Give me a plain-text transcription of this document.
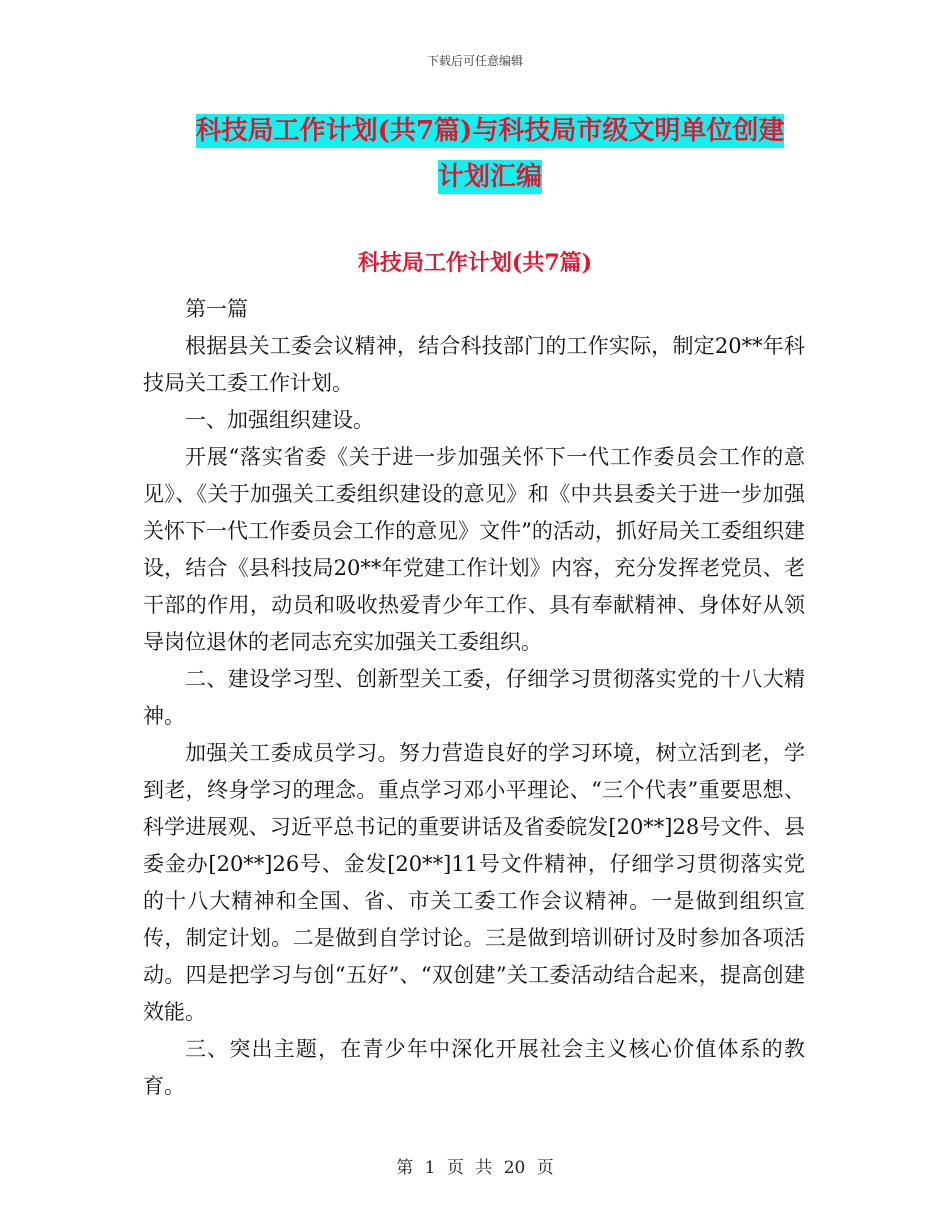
下载后可任意编辑
科技局工作计划(共7篇)与科技局市级文明单位创建
计划汇编
科技局工作计划(共7篇)

第一篇

根据县关工委会议精神，结合科技部门的工作实际，制定20**年科技局关工委工作计划。

一、加强组织建设。

开展“落实省委《关于进一步加强关怀下一代工作委员会工作的意见》、《关于加强关工委组织建设的意见》和《中共县委关于进一步加强关怀下一代工作委员会工作的意见》文件”的活动，抓好局关工委组织建设，结合《县科技局20**年党建工作计划》内容，充分发挥老党员、老干部的作用，动员和吸收热爱青少年工作、具有奉献精神、身体好从领导岗位退休的老同志充实加强关工委组织。

二、建设学习型、创新型关工委，仔细学习贯彻落实党的十八大精神。

加强关工委成员学习。努力营造良好的学习环境，树立活到老，学到老，终身学习的理念。重点学习邓小平理论、“三个代表”重要思想、科学进展观、习近平总书记的重要讲话及省委皖发[20**]28号文件、县委金办[20**]26号、金发[20**]11号文件精神，仔细学习贯彻落实党的十八大精神和全国、省、市关工委工作会议精神。一是做到组织宣传，制定计划。二是做到自学讨论。三是做到培训研讨及时参加各项活动。四是把学习与创“五好”、“双创建”关工委活动结合起来，提高创建效能。

三、突出主题，在青少年中深化开展社会主义核心价值体系的教育。

第 1 页 共 20 页
